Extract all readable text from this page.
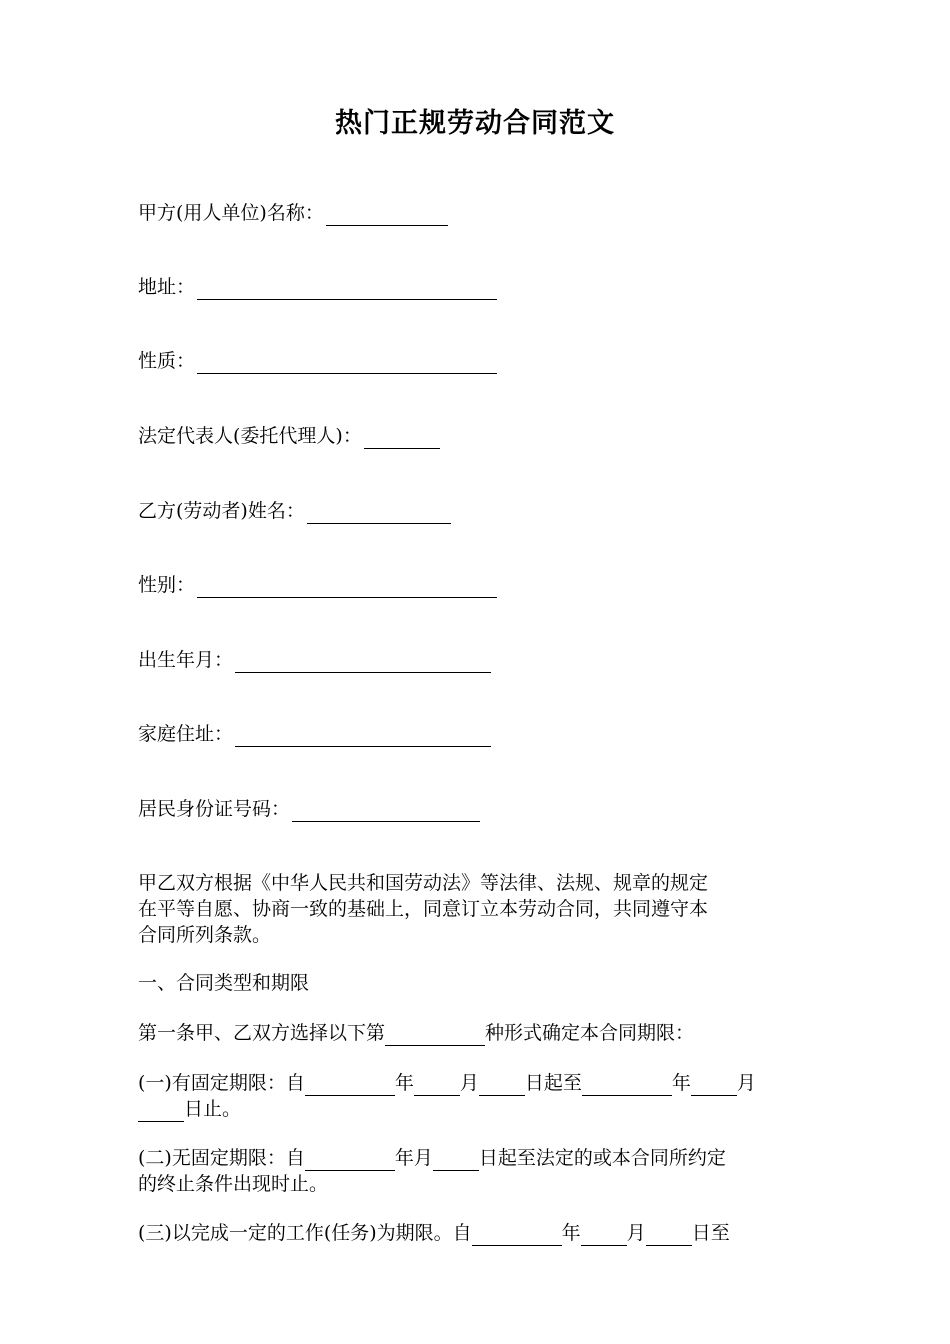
热门正规劳动合同范文
甲方(用人单位)名称：
地址：
性质：
法定代表人(委托代理人)：
乙方(劳动者)姓名：
性别：
出生年月：
家庭住址：
居民身份证号码：
甲乙双方根据《中华人民共和国劳动法》等法律、法规、规章的规定
在平等自愿、协商一致的基础上，同意订立本劳动合同，共同遵守本
合同所列条款。
一、合同类型和期限
第一条甲、乙双方选择以下第	种形式确定本合同期限：
(一)有固定期限：自	年 月 日起至	年 月
日止。
(二)无固定期限：自	年月 日起至法定的或本合同所约定
的终止条件出现时止。
(三)以完成一定的工作(任务)为期限。自	年 月 日至
